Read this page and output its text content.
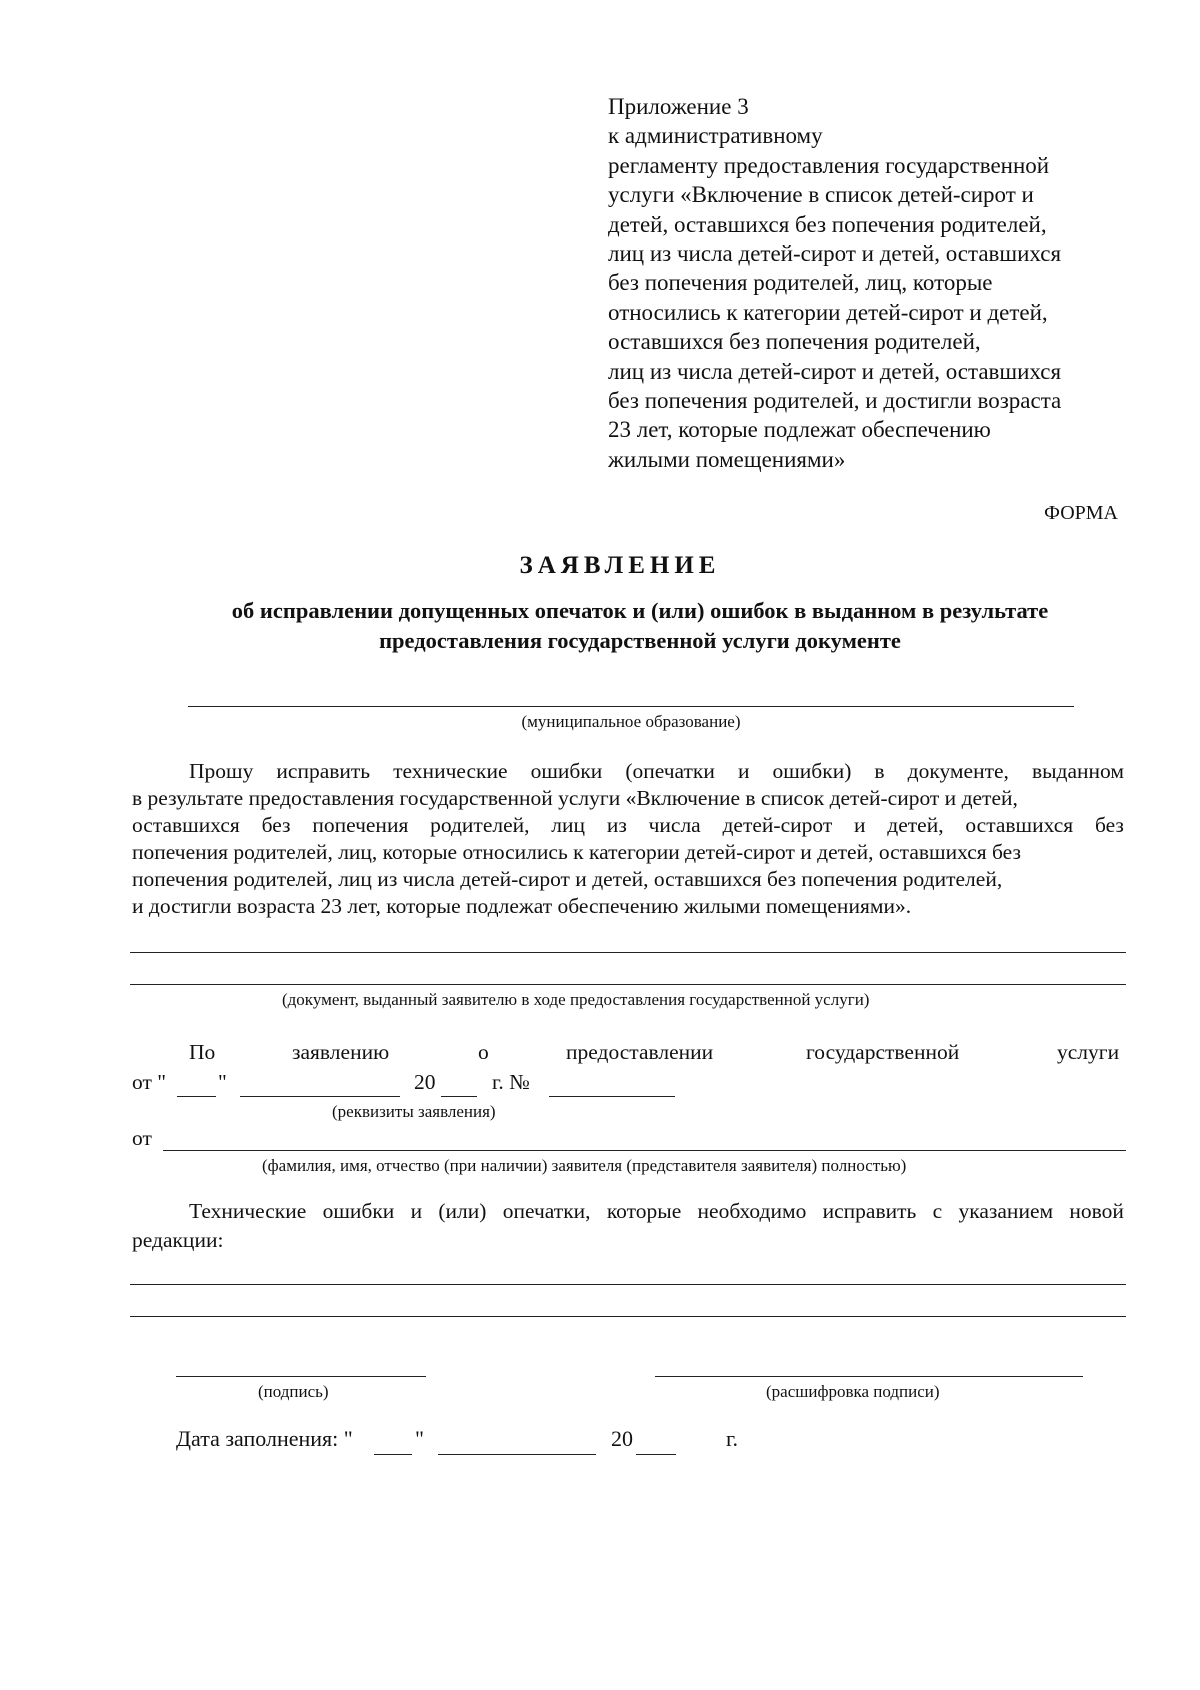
Приложение 3
к административному
регламенту предоставления государственной
услуги «Включение в список детей-сирот и
детей, оставшихся без попечения родителей,
лиц из числа детей-сирот и детей, оставшихся
без попечения родителей, лиц, которые
относились к категории детей-сирот и детей,
оставшихся без попечения родителей,
лиц из числа детей-сирот и детей, оставшихся
без попечения родителей, и достигли возраста
23 лет, которые подлежат обеспечению
жилыми помещениями»
ФОРМА
ЗАЯВЛЕНИЕ
об исправлении допущенных опечаток и (или) ошибок в выданном в результате
предоставления государственной услуги документе
(муниципальное образование)
Прошу исправить технические ошибки (опечатки и ошибки) в документе, выданном
в результате предоставления государственной услуги «Включение в список детей-сирот и детей,
оставшихся без попечения родителей, лиц из числа детей-сирот и детей, оставшихся без
попечения родителей, лиц, которые относились к категории детей-сирот и детей, оставшихся без
попечения родителей, лиц из числа детей-сирот и детей, оставшихся без попечения родителей,
и достигли возраста 23 лет, которые подлежат обеспечению жилыми помещениями».
(документ, выданный заявителю в ходе предоставления государственной услуги)
По	заявлению	о	предоставлении	государственной	услуги
от " "	20	г. №
(реквизиты заявления)
от
(фамилия, имя, отчество (при наличии) заявителя (представителя заявителя) полностью)
Технические ошибки и (или) опечатки, которые необходимо исправить с указанием новой
редакции:
(подпись)	(расшифровка подписи)
Дата заполнения: "	"	20	г.
